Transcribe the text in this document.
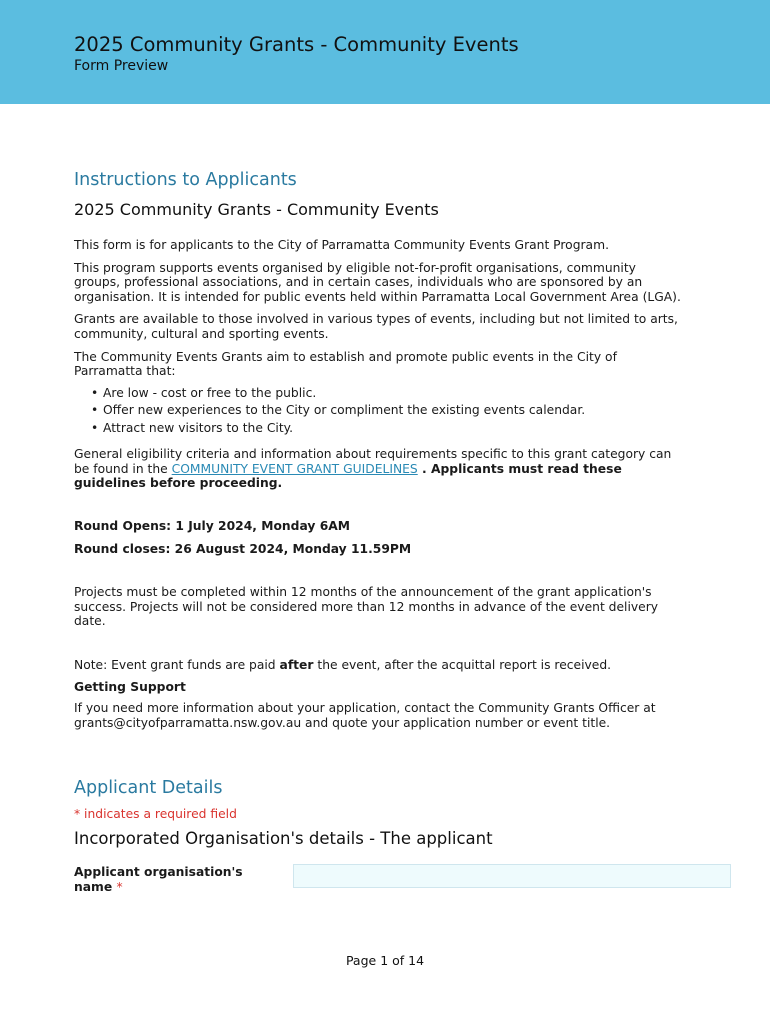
2025 Community Grants - Community Events
Form Preview
Instructions to Applicants
2025 Community Grants - Community Events

This form is for applicants to the City of Parramatta Community Events Grant Program.

This program supports events organised by eligible not-for-profit organisations, community groups, professional associations, and in certain cases, individuals who are sponsored by an organisation. It is intended for public events held within Parramatta Local Government Area (LGA).

Grants are available to those involved in various types of events, including but not limited to arts, community, cultural and sporting events.

The Community Events Grants aim to establish and promote public events in the City of Parramatta that:

• Are low - cost or free to the public.
• Offer new experiences to the City or compliment the existing events calendar.
• Attract new visitors to the City.

General eligibility criteria and information about requirements specific to this grant category can be found in the COMMUNITY EVENT GRANT GUIDELINES . Applicants must read these guidelines before proceeding.

Round Opens: 1 July 2024, Monday 6AM

Round closes: 26 August 2024, Monday 11.59PM

Projects must be completed within 12 months of the announcement of the grant application's success. Projects will not be considered more than 12 months in advance of the event delivery date.

Note: Event grant funds are paid after the event, after the acquittal report is received.

Getting Support

If you need more information about your application, contact the Community Grants Officer at grants@cityofparramatta.nsw.gov.au and quote your application number or event title.

Applicant Details
* indicates a required field
Incorporated Organisation's details - The applicant
Applicant organisation's name *
Page 1 of 14
